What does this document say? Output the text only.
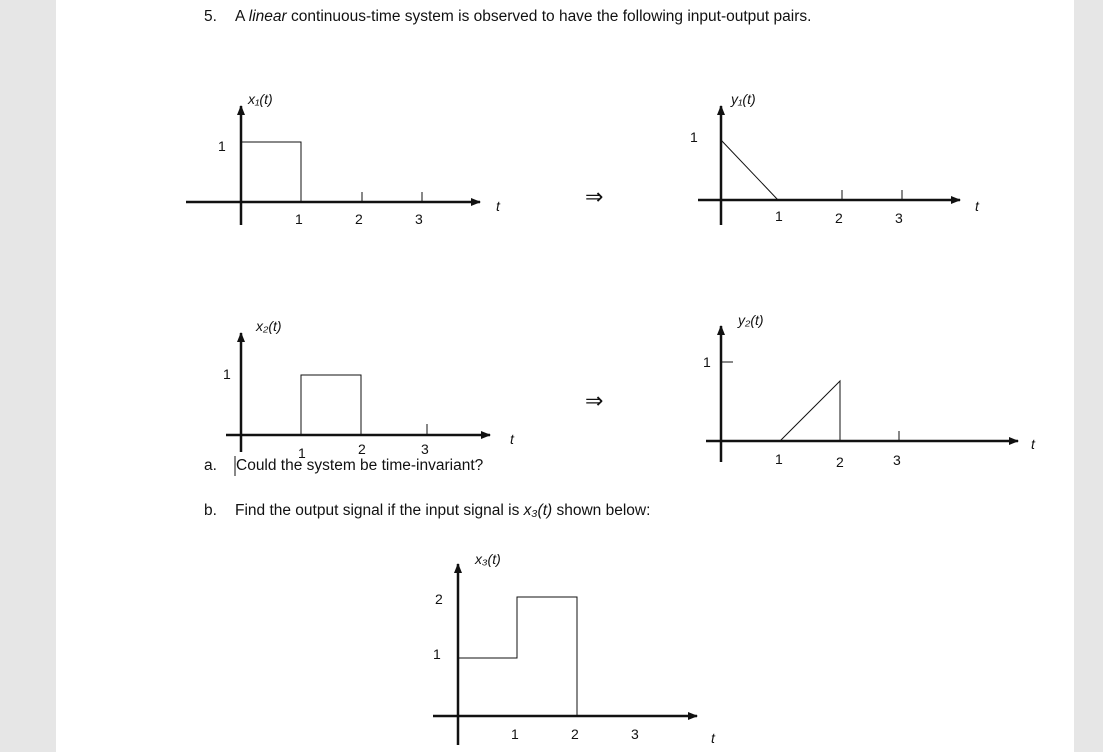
5. A linear continuous-time system is observed to have the following input-output pairs.
x₁(t)
1
1	2	3
t	⇒
y₁(t)
1
1	2	3
t
x₂(t)
1
1	2	3
t
⇒
y₂(t)
1
1	2	3
t
x₃(t)
2
1
1	2	3	t
a. Could the system be time-invariant?
b. Find the output signal if the input signal is x₃(t) shown below:
